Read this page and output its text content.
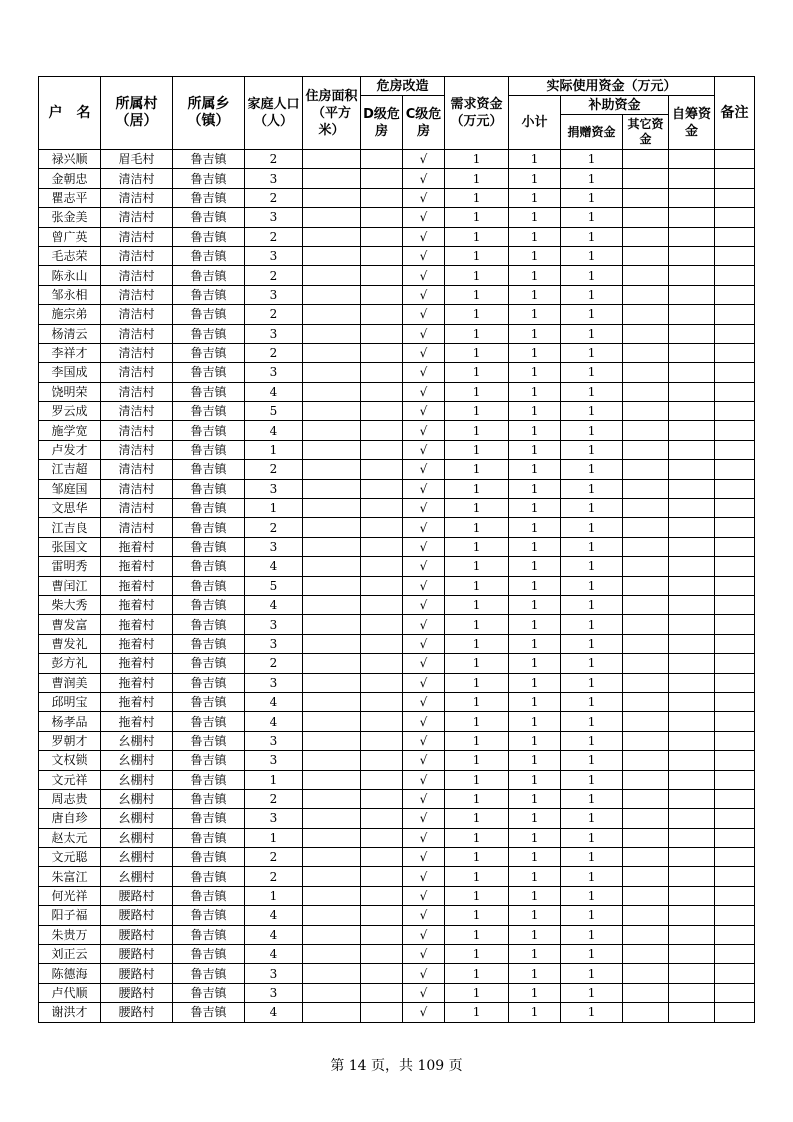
户　名	所属村（居）	所属乡（镇）	家庭人口（人）	住房面积（平方米）	危房改造		需求资金（万元）	实际使用资金（万元）				备注
					D级危房	C级危房		小计	补助资金		自筹资金	
									捐赠资金	其它资金		
禄兴顺	眉毛村	鲁吉镇	2			√	1	1	1			
金朝忠	清洁村	鲁吉镇	3			√	1	1	1			
瞿志平	清洁村	鲁吉镇	2			√	1	1	1			
张金美	清洁村	鲁吉镇	3			√	1	1	1			
曾广英	清洁村	鲁吉镇	2			√	1	1	1			
毛志荣	清洁村	鲁吉镇	3			√	1	1	1			
陈永山	清洁村	鲁吉镇	2			√	1	1	1			
邹永相	清洁村	鲁吉镇	3			√	1	1	1			
施宗弟	清洁村	鲁吉镇	2			√	1	1	1			
杨清云	清洁村	鲁吉镇	3			√	1	1	1			
李祥才	清洁村	鲁吉镇	2			√	1	1	1			
李国成	清洁村	鲁吉镇	3			√	1	1	1			
饶明荣	清洁村	鲁吉镇	4			√	1	1	1			
罗云成	清洁村	鲁吉镇	5			√	1	1	1			
施学宽	清洁村	鲁吉镇	4			√	1	1	1			
卢发才	清洁村	鲁吉镇	1			√	1	1	1			
江吉超	清洁村	鲁吉镇	2			√	1	1	1			
邹庭国	清洁村	鲁吉镇	3			√	1	1	1			
文思华	清洁村	鲁吉镇	1			√	1	1	1			
江吉良	清洁村	鲁吉镇	2			√	1	1	1			
张国文	拖着村	鲁吉镇	3			√	1	1	1			
雷明秀	拖着村	鲁吉镇	4			√	1	1	1			
曹闰江	拖着村	鲁吉镇	5			√	1	1	1			
柴大秀	拖着村	鲁吉镇	4			√	1	1	1			
曹发富	拖着村	鲁吉镇	3			√	1	1	1			
曹发礼	拖着村	鲁吉镇	3			√	1	1	1			
彭方礼	拖着村	鲁吉镇	2			√	1	1	1			
曹润美	拖着村	鲁吉镇	3			√	1	1	1			
邱明宝	拖着村	鲁吉镇	4			√	1	1	1			
杨孝品	拖着村	鲁吉镇	4			√	1	1	1			
罗朝才	幺棚村	鲁吉镇	3			√	1	1	1			
文权锁	幺棚村	鲁吉镇	3			√	1	1	1			
文元祥	幺棚村	鲁吉镇	1			√	1	1	1			
周志贵	幺棚村	鲁吉镇	2			√	1	1	1			
唐自珍	幺棚村	鲁吉镇	3			√	1	1	1			
赵太元	幺棚村	鲁吉镇	1			√	1	1	1			
文元聪	幺棚村	鲁吉镇	2			√	1	1	1			
朱富江	幺棚村	鲁吉镇	2			√	1	1	1			
何光祥	腰路村	鲁吉镇	1			√	1	1	1			
阳子福	腰路村	鲁吉镇	4			√	1	1	1			
朱贵万	腰路村	鲁吉镇	4			√	1	1	1			
刘正云	腰路村	鲁吉镇	4			√	1	1	1			
陈德海	腰路村	鲁吉镇	3			√	1	1	1			
卢代顺	腰路村	鲁吉镇	3			√	1	1	1			
谢洪才	腰路村	鲁吉镇	4			√	1	1	1			
第 14 页，共 109 页
